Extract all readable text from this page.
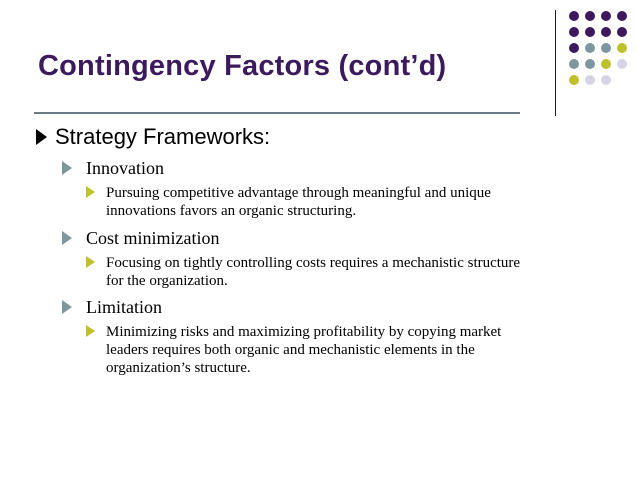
Contingency Factors (cont’d)
Strategy Frameworks:
Innovation
Pursuing competitive advantage through meaningful and unique
innovations favors an organic structuring.
Cost minimization
Focusing on tightly controlling costs requires a mechanistic structure
for the organization.
Limitation
Minimizing risks and maximizing profitability by copying market
leaders requires both organic and mechanistic elements in the
organization’s structure.
